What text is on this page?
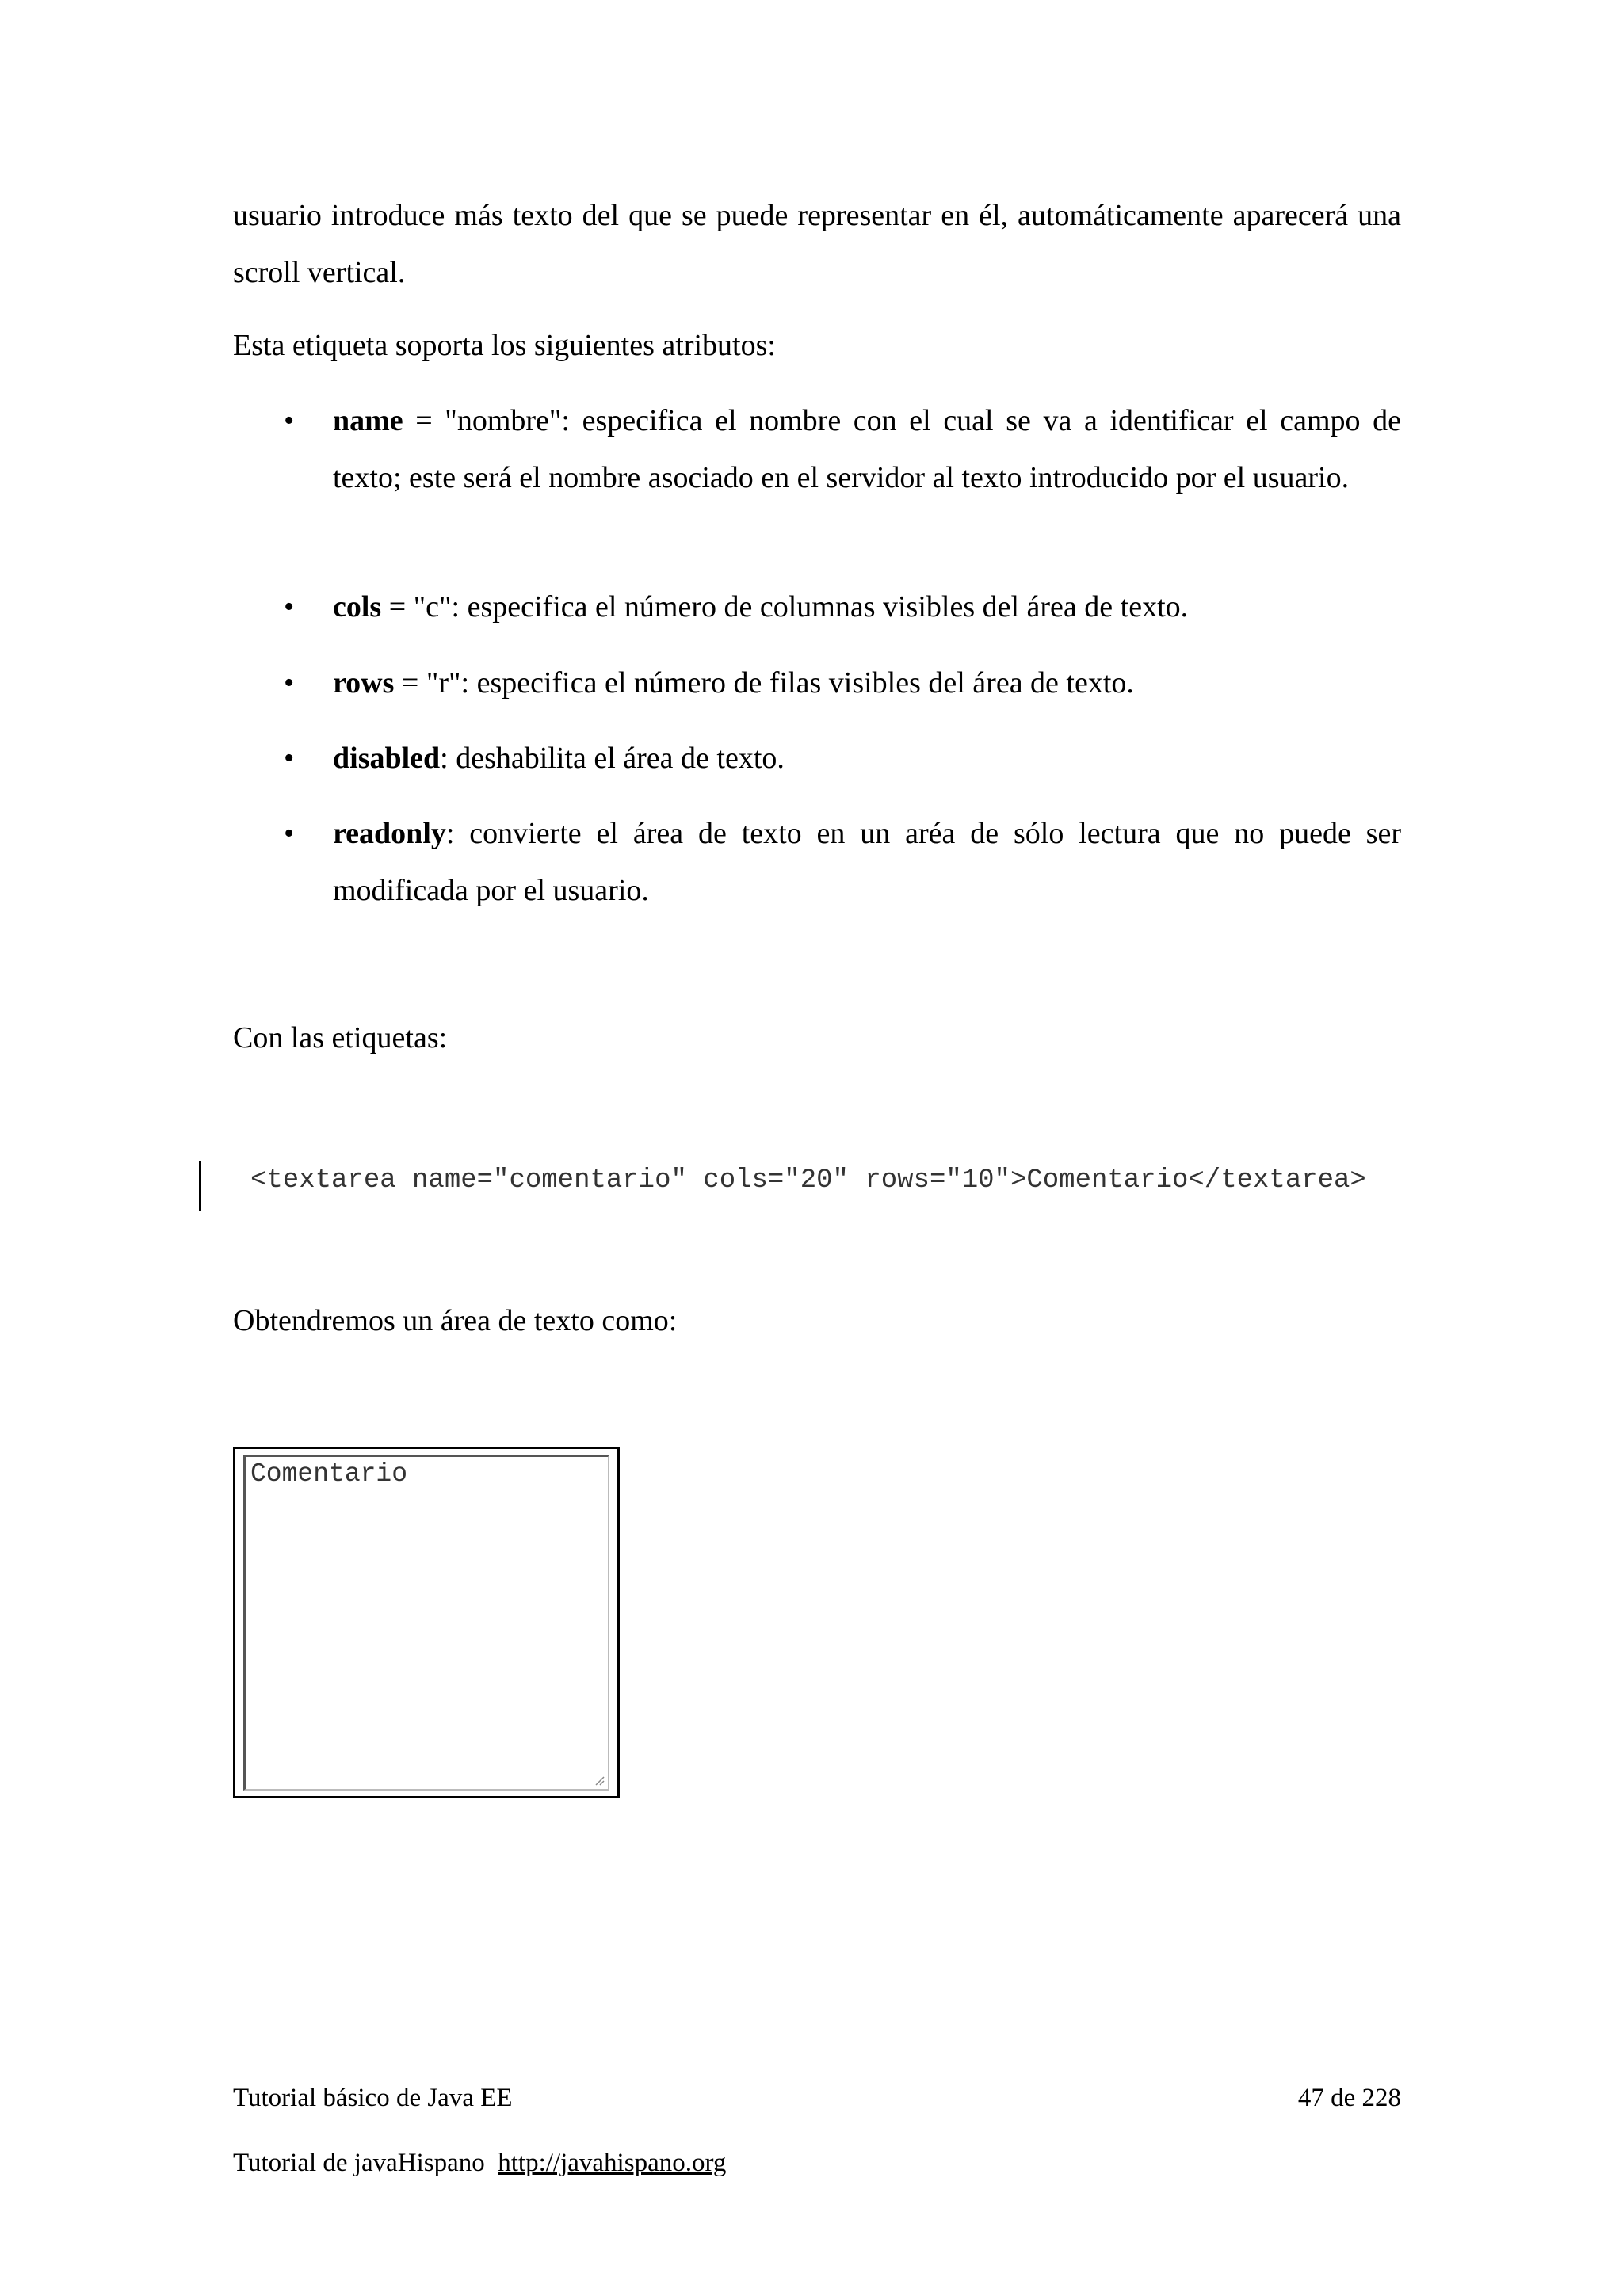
usuario introduce más texto del que se puede representar en él, automáticamente aparecerá una scroll vertical.

Esta etiqueta soporta los siguientes atributos:

•	name = "nombre": especifica el nombre con el cual se va a identificar el campo de texto; este será el nombre asociado en el servidor al texto introducido por el usuario.
•	cols = "c": especifica el número de columnas visibles del área de texto.
•	rows = "r": especifica el número de filas visibles del área de texto.
•	disabled: deshabilita el área de texto.
•	readonly: convierte el área de texto en un aréa de sólo lectura que no puede ser modificada por el usuario.

Con las etiquetas:

<textarea name="comentario" cols="20" rows="10">Comentario</textarea>

Obtendremos un área de texto como:

Comentario
Tutorial básico de Java EE	47 de 228
Tutorial de javaHispano http://javahispano.org
